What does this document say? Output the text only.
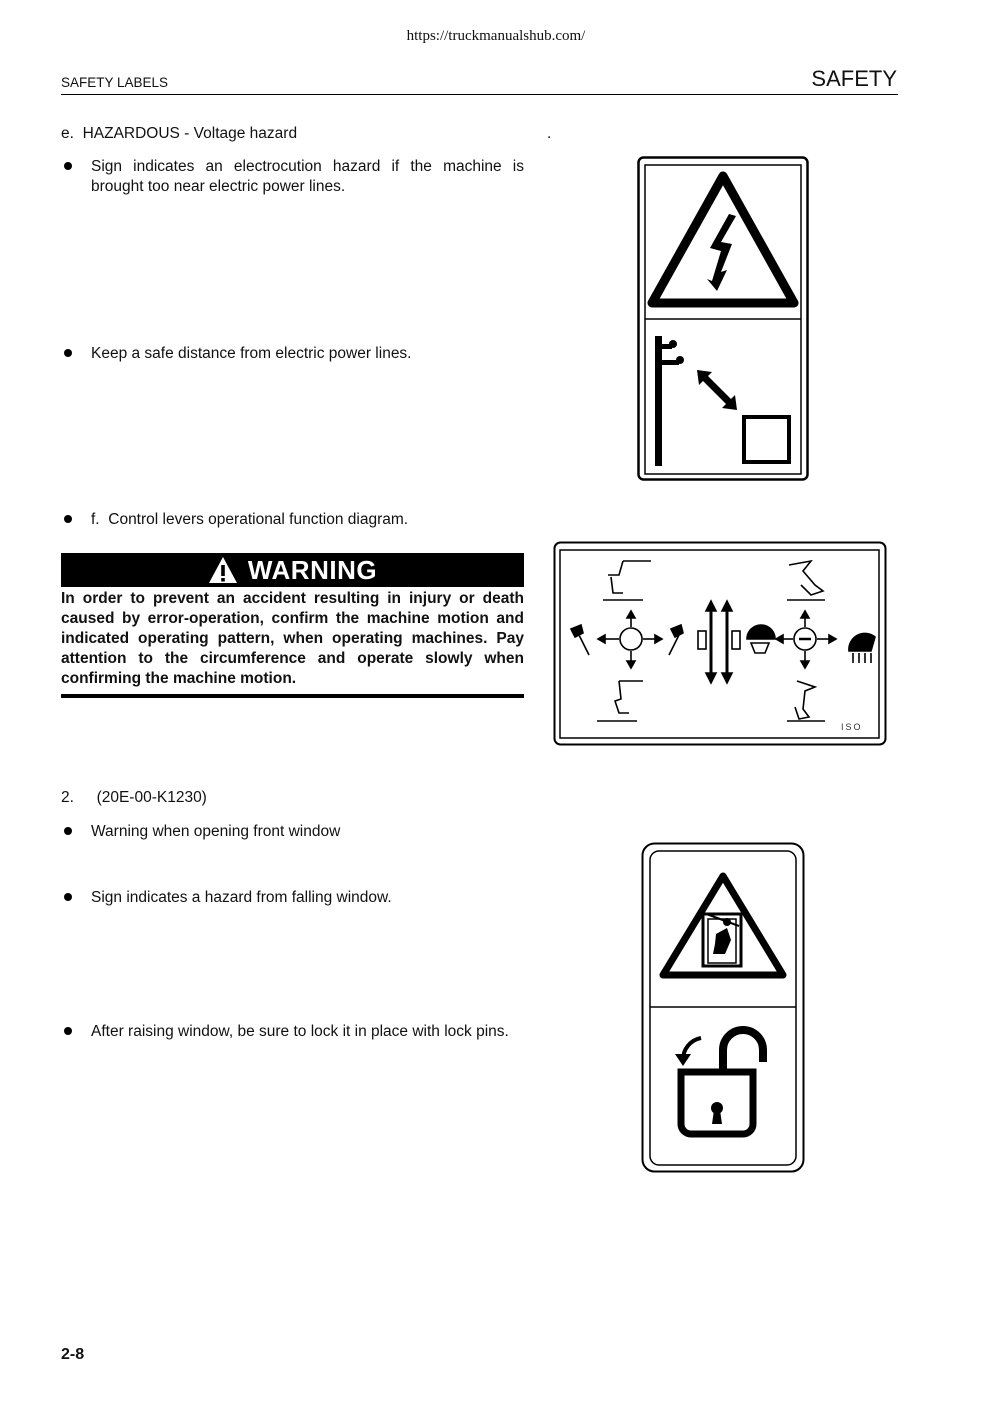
https://truckmanualshub.com/
SAFETY LABELS	SAFETY
e. HAZARDOUS - Voltage hazard	.
Sign indicates an electrocution hazard if the machine is brought too near electric power lines.
Keep a safe distance from electric power lines.
f. Control levers operational function diagram.
WARNING
In order to prevent an accident resulting in injury or death caused by error-operation, confirm the machine motion and indicated operating pattern, when operating machines. Pay attention to the circumference and operate slowly when confirming the machine motion.
ISO
2. (20E-00-K1230)
Warning when opening front window
Sign indicates a hazard from falling window.
After raising window, be sure to lock it in place with lock pins.
2-8
